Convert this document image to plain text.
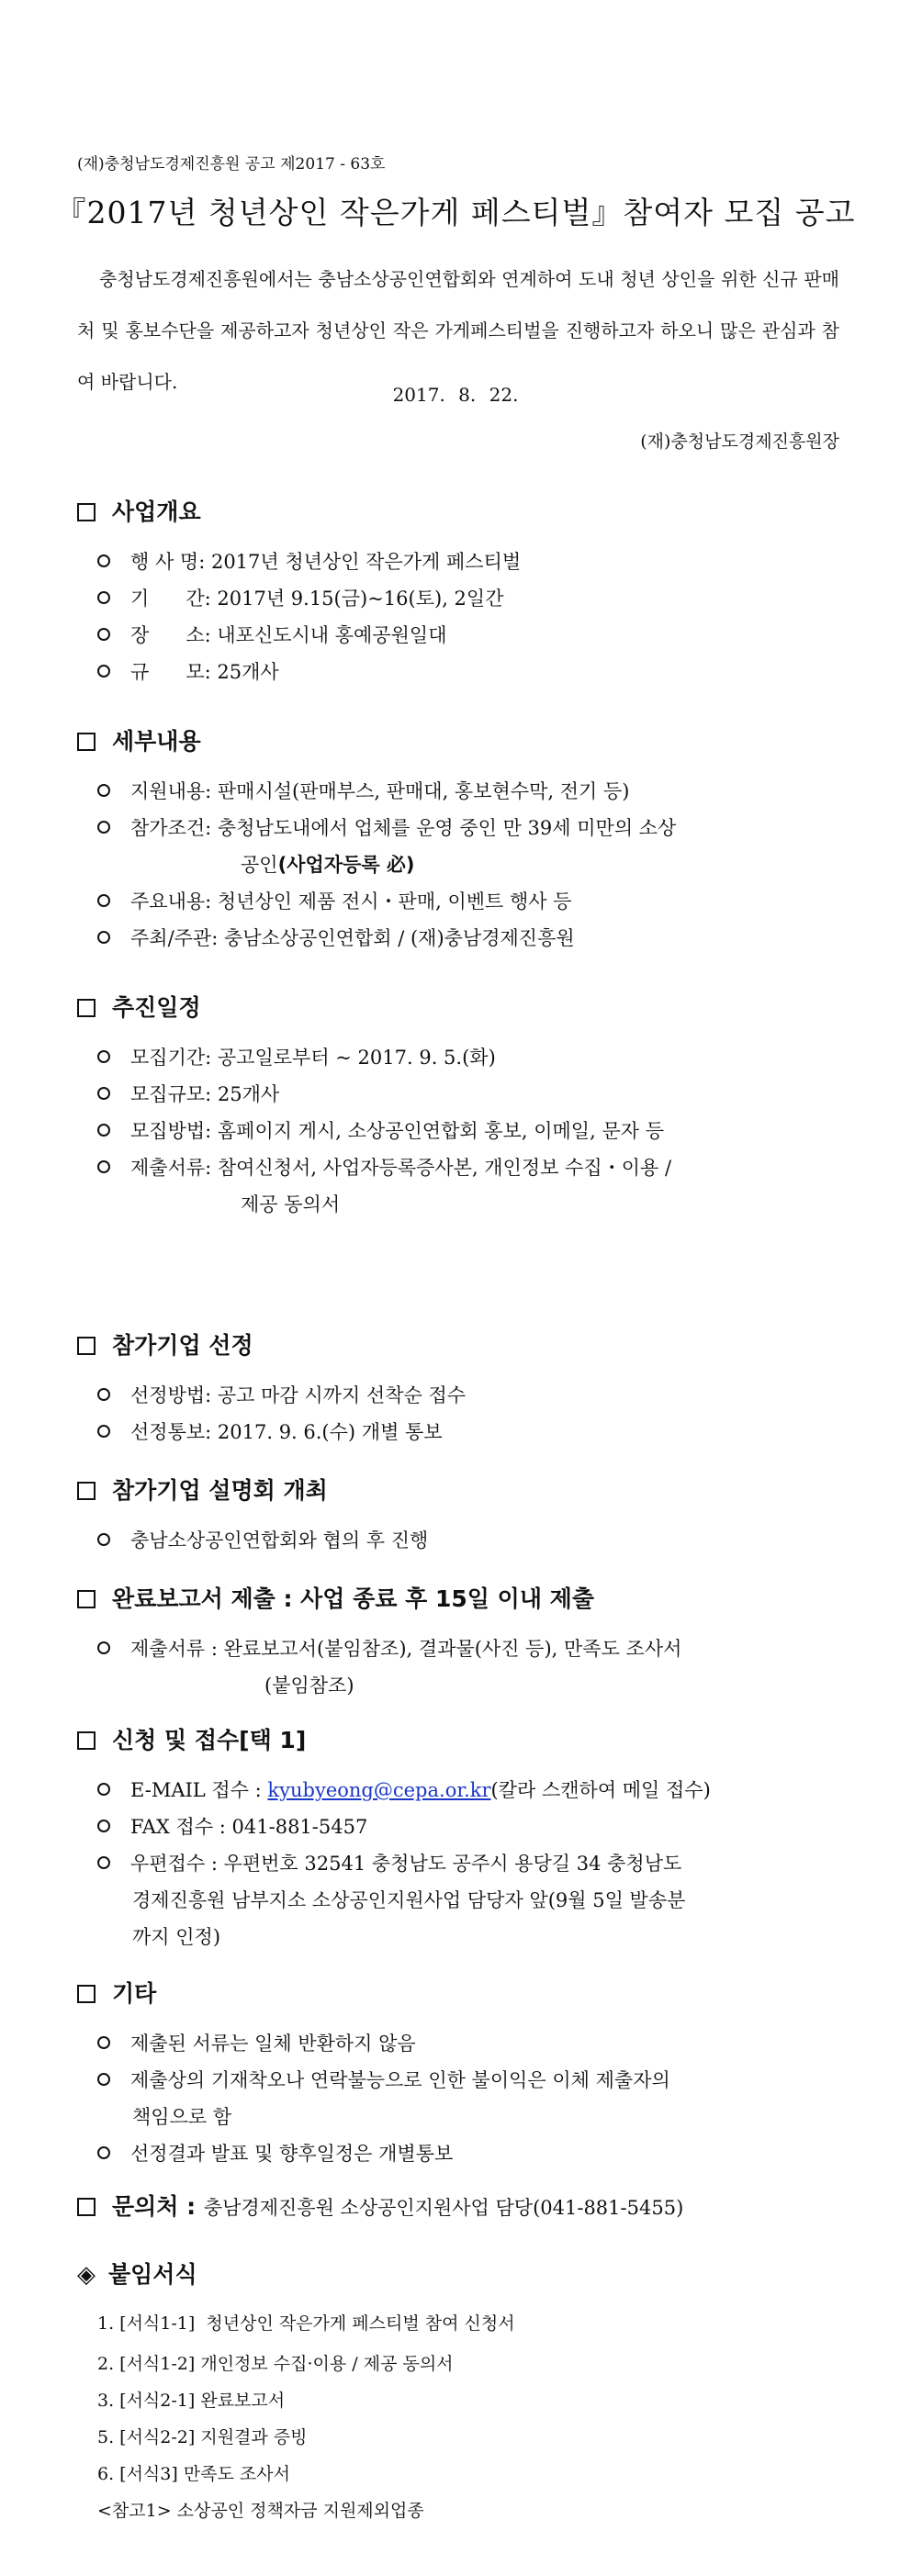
(재)충청남도경제진흥원 공고 제2017 - 63호
『2017년 청년상인 작은가게 페스티벌』참여자 모집 공고
충청남도경제진흥원에서는 충남소상공인연합회와 연계하여 도내 청년 상인을 위한 신규 판매처 및 홍보수단을 제공하고자 청년상인 작은 가게페스티벌을 진행하고자 하오니 많은 관심과 참여 바랍니다.
2017. 8. 22.
(재)충청남도경제진흥원장
사업개요
행 사 명: 2017년 청년상인 작은가게 페스티벌
기      간: 2017년 9.15(금)~16(토), 2일간
장      소: 내포신도시내 홍예공원일대
규      모: 25개사
세부내용
지원내용: 판매시설(판매부스, 판매대, 홍보현수막, 전기 등)
참가조건: 충청남도내에서 업체를 운영 중인 만 39세 미만의 소상
공인(사업자등록 必)
주요내용: 청년상인 제품 전시・판매, 이벤트 행사 등
주최/주관: 충남소상공인연합회 / (재)충남경제진흥원
추진일정
모집기간: 공고일로부터 ~ 2017. 9. 5.(화)
모집규모: 25개사
모집방법: 홈페이지 게시, 소상공인연합회 홍보, 이메일, 문자 등
제출서류: 참여신청서, 사업자등록증사본, 개인정보 수집・이용 /
제공 동의서
참가기업 선정
선정방법: 공고 마감 시까지 선착순 접수
선정통보: 2017. 9. 6.(수) 개별 통보
참가기업 설명회 개최
충남소상공인연합회와 협의 후 진행
완료보고서 제출 : 사업 종료 후 15일 이내 제출
제출서류 : 완료보고서(붙임참조), 결과물(사진 등), 만족도 조사서
(붙임참조)
신청 및 접수[택 1]
E-MAIL 접수 : kyubyeong@cepa.or.kr(칼라 스캔하여 메일 접수)
FAX 접수 : 041-881-5457
우편접수 : 우편번호 32541 충청남도 공주시 용당길 34 충청남도
경제진흥원 남부지소 소상공인지원사업 담당자 앞(9월 5일 발송분
까지 인정)
기타
제출된 서류는 일체 반환하지 않음
제출상의 기재착오나 연락불능으로 인한 불이익은 이체 제출자의
책임으로 함
선정결과 발표 및 향후일정은 개별통보
문의처 : 충남경제진흥원 소상공인지원사업 담당(041-881-5455)
◈ 붙임서식
1. [서식1-1]  청년상인 작은가게 페스티벌 참여 신청서
2. [서식1-2] 개인정보 수집·이용 / 제공 동의서
3. [서식2-1] 완료보고서
5. [서식2-2] 지원결과 증빙
6. [서식3] 만족도 조사서
<참고1> 소상공인 정책자금 지원제외업종
